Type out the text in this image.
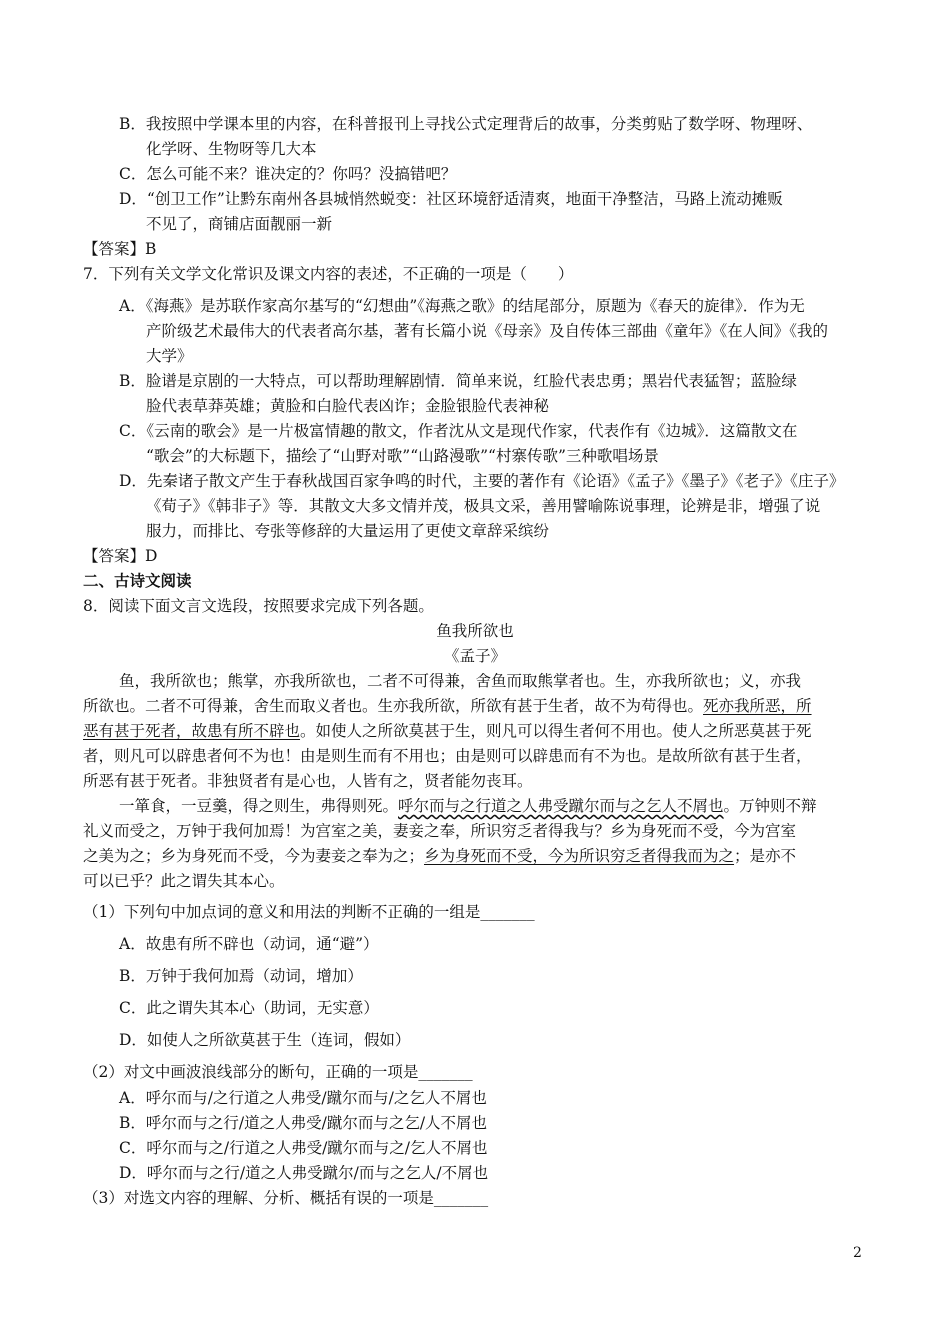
B．我按照中学课本里的内容，在科普报刊上寻找公式定理背后的故事，分类剪贴了数学呀、物理呀、
化学呀、生物呀等几大本
C．怎么可能不来？谁决定的？你吗？没搞错吧？
D．“创卫工作”让黔东南州各县城悄然蜕变：社区环境舒适清爽，地面干净整洁，马路上流动摊贩
不见了，商铺店面靓丽一新
【答案】B
7．下列有关文学文化常识及课文内容的表述，不正确的一项是（　　）
A．《海燕》是苏联作家高尔基写的“幻想曲”《海燕之歌》的结尾部分，原题为《春天的旋律》．作为无
产阶级艺术最伟大的代表者高尔基，著有长篇小说《母亲》及自传体三部曲《童年》《在人间》《我的
大学》
B．脸谱是京剧的一大特点，可以帮助理解剧情．简单来说，红脸代表忠勇；黑岩代表猛智；蓝脸绿
脸代表草莽英雄；黄脸和白脸代表凶诈；金脸银脸代表神秘
C．《云南的歌会》是一片极富情趣的散文，作者沈从文是现代作家，代表作有《边城》．这篇散文在
“歌会”的大标题下，描绘了“山野对歌”“山路漫歌”“村寨传歌”三种歌唱场景
D．先秦诸子散文产生于春秋战国百家争鸣的时代，主要的著作有《论语》《孟子》《墨子》《老子》《庄子》
《荀子》《韩非子》等．其散文大多文情并茂，极具文采，善用譬喻陈说事理，论辨是非，增强了说
服力，而排比、夸张等修辞的大量运用了更使文章辞采缤纷
【答案】D
二、古诗文阅读
8．阅读下面文言文选段，按照要求完成下列各题。
鱼我所欲也
《孟子》
鱼，我所欲也；熊掌，亦我所欲也，二者不可得兼，舍鱼而取熊掌者也。生，亦我所欲也；义，亦我
所欲也。二者不可得兼，舍生而取义者也。生亦我所欲，所欲有甚于生者，故不为苟得也。死亦我所恶，所
恶有甚于死者，故患有所不辟也。如使人之所欲莫甚于生，则凡可以得生者何不用也。使人之所恶莫甚于死
者，则凡可以辟患者何不为也！由是则生而有不用也；由是则可以辟患而有不为也。是故所欲有甚于生者，
所恶有甚于死者。非独贤者有是心也，人皆有之，贤者能勿丧耳。
一箪食，一豆羹，得之则生，弗得则死。呼尔而与之行道之人弗受蹴尔而与之乞人不屑也。万钟则不辩
礼义而受之，万钟于我何加焉！为宫室之美，妻妾之奉，所识穷乏者得我与？乡为身死而不受，今为宫室
之美为之；乡为身死而不受，今为妻妾之奉为之；乡为身死而不受，今为所识穷乏者得我而为之；是亦不
可以已乎？此之谓失其本心。
（1）下列句中加点词的意义和用法的判断不正确的一组是_______
A．故患有所不辟也（动词，通“避”）
B．万钟于我何加焉（动词，增加）
C．此之谓失其本心（助词，无实意）
D．如使人之所欲莫甚于生（连词，假如）
（2）对文中画波浪线部分的断句，正确的一项是_______
A．呼尔而与/之行道之人弗受/蹴尔而与/之乞人不屑也
B．呼尔而与之行/道之人弗受/蹴尔而与之乞/人不屑也
C．呼尔而与之/行道之人弗受/蹴尔而与之/乞人不屑也
D．呼尔而与之行/道之人弗受蹴尔/而与之乞人/不屑也
（3）对选文内容的理解、分析、概括有误的一项是_______
2
